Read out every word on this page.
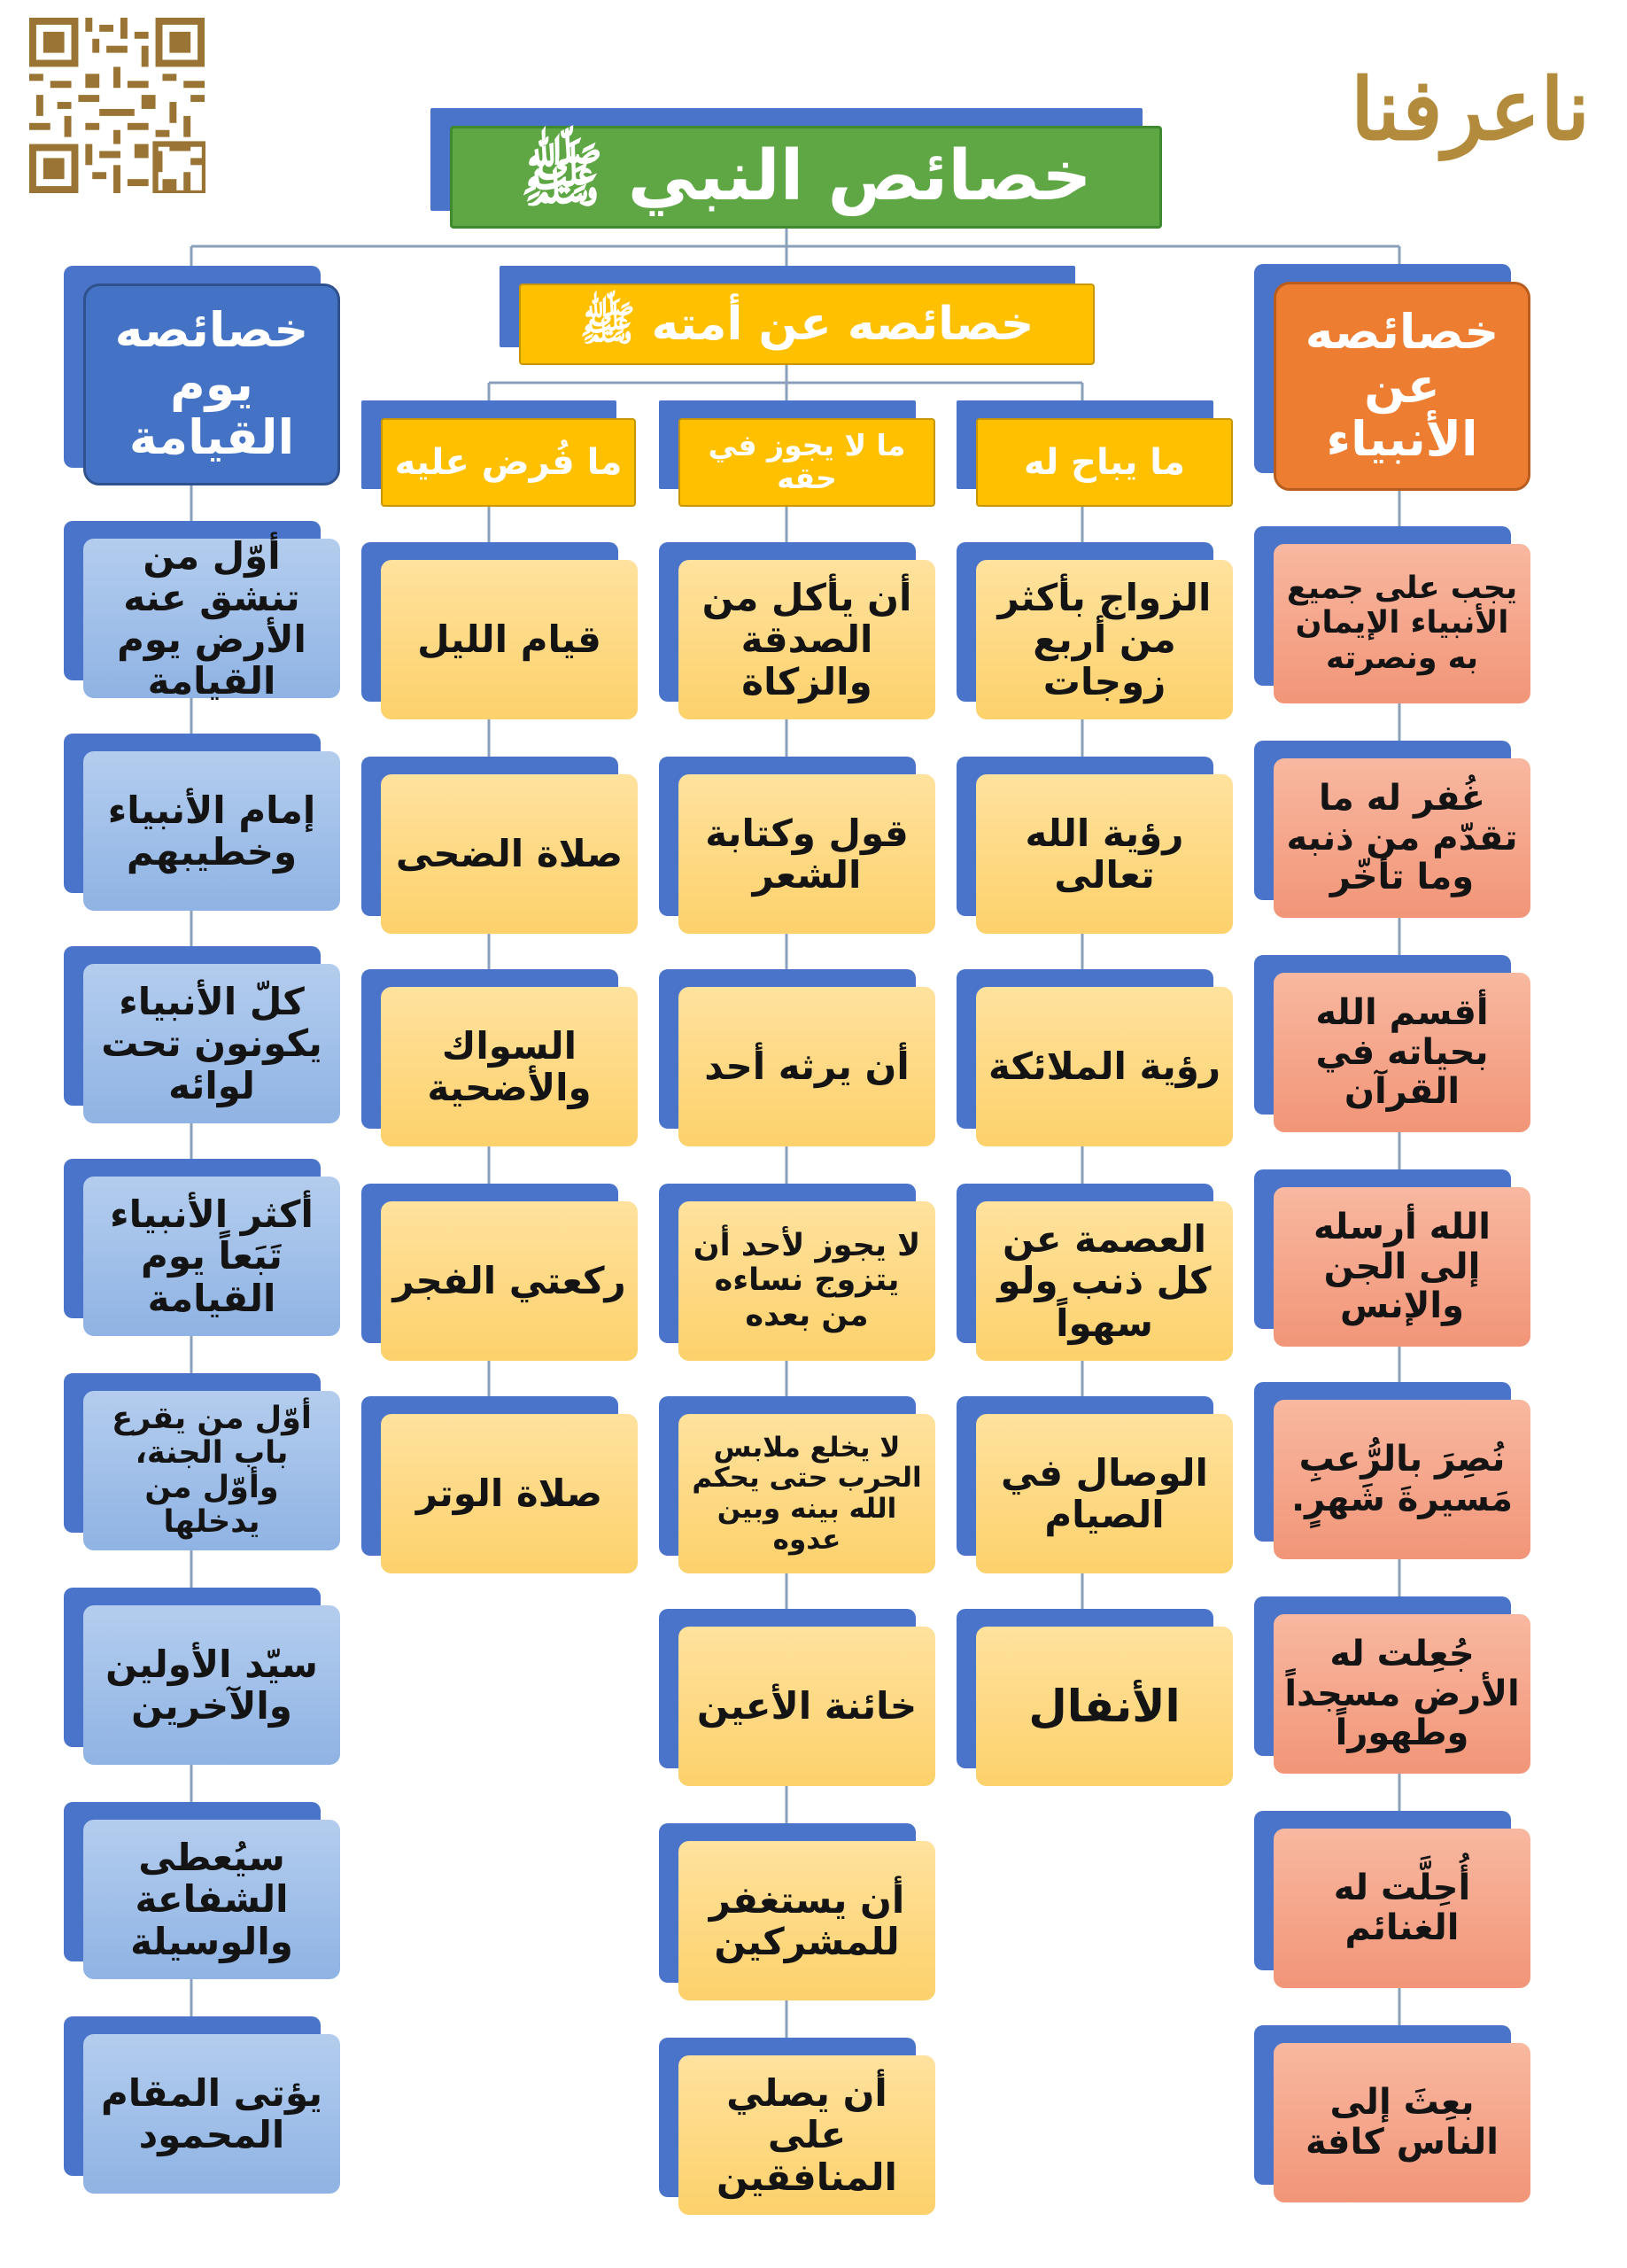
ناعرفنا
خصائص النبي ﷺ
خصائصه عن أمته ﷺ
خصائصه يوم القيامة
خصائصه عن الأنبياء
ما فُرض عليه	ما لا يجوز في حقه	ما يباح له
أوّل من تنشق عنه الأرض يوم القيامة
إمام الأنبياء وخطيبهم
كلّ الأنبياء يكونون تحت لوائه
أكثر الأنبياء تَبَعاً يوم القيامة
أوّل من يقرع باب الجنة، وأوّل من يدخلها
سيّد الأولين والآخرين
سيُعطى الشفاعة والوسيلة
يؤتى المقام المحمود
قيام الليل
صلاة الضحى
السواك والأضحية
ركعتي الفجر
صلاة الوتر
أن يأكل من الصدقة والزكاة
قول وكتابة الشعر
أن يرثه أحد
لا يجوز لأحد أن يتزوج نساءه من بعده
لا يخلع ملابس الحرب حتى يحكم الله بينه وبين عدوه
خائنة الأعين
أن يستغفر للمشركين
أن يصلي على المنافقين
الزواج بأكثر من أربع زوجات
رؤية الله تعالى
رؤية الملائكة
العصمة عن كل ذنب ولو سهواً
الوصال في الصيام
الأنفال
يجب على جميع الأنبياء الإيمان به ونصرته
غُفر له ما تقدّم من ذنبه وما تأخّر
أقسم الله بحياته في القرآن
الله أرسله إلى الجن والإنس
نُصِرَ بالرُّعبِ مَسيرةَ شَهرٍ.
جُعِلت له الأرض مسجداً وطهوراً
أُحِلَّت له الغنائم
بعِثَ إلى الناس كافة
